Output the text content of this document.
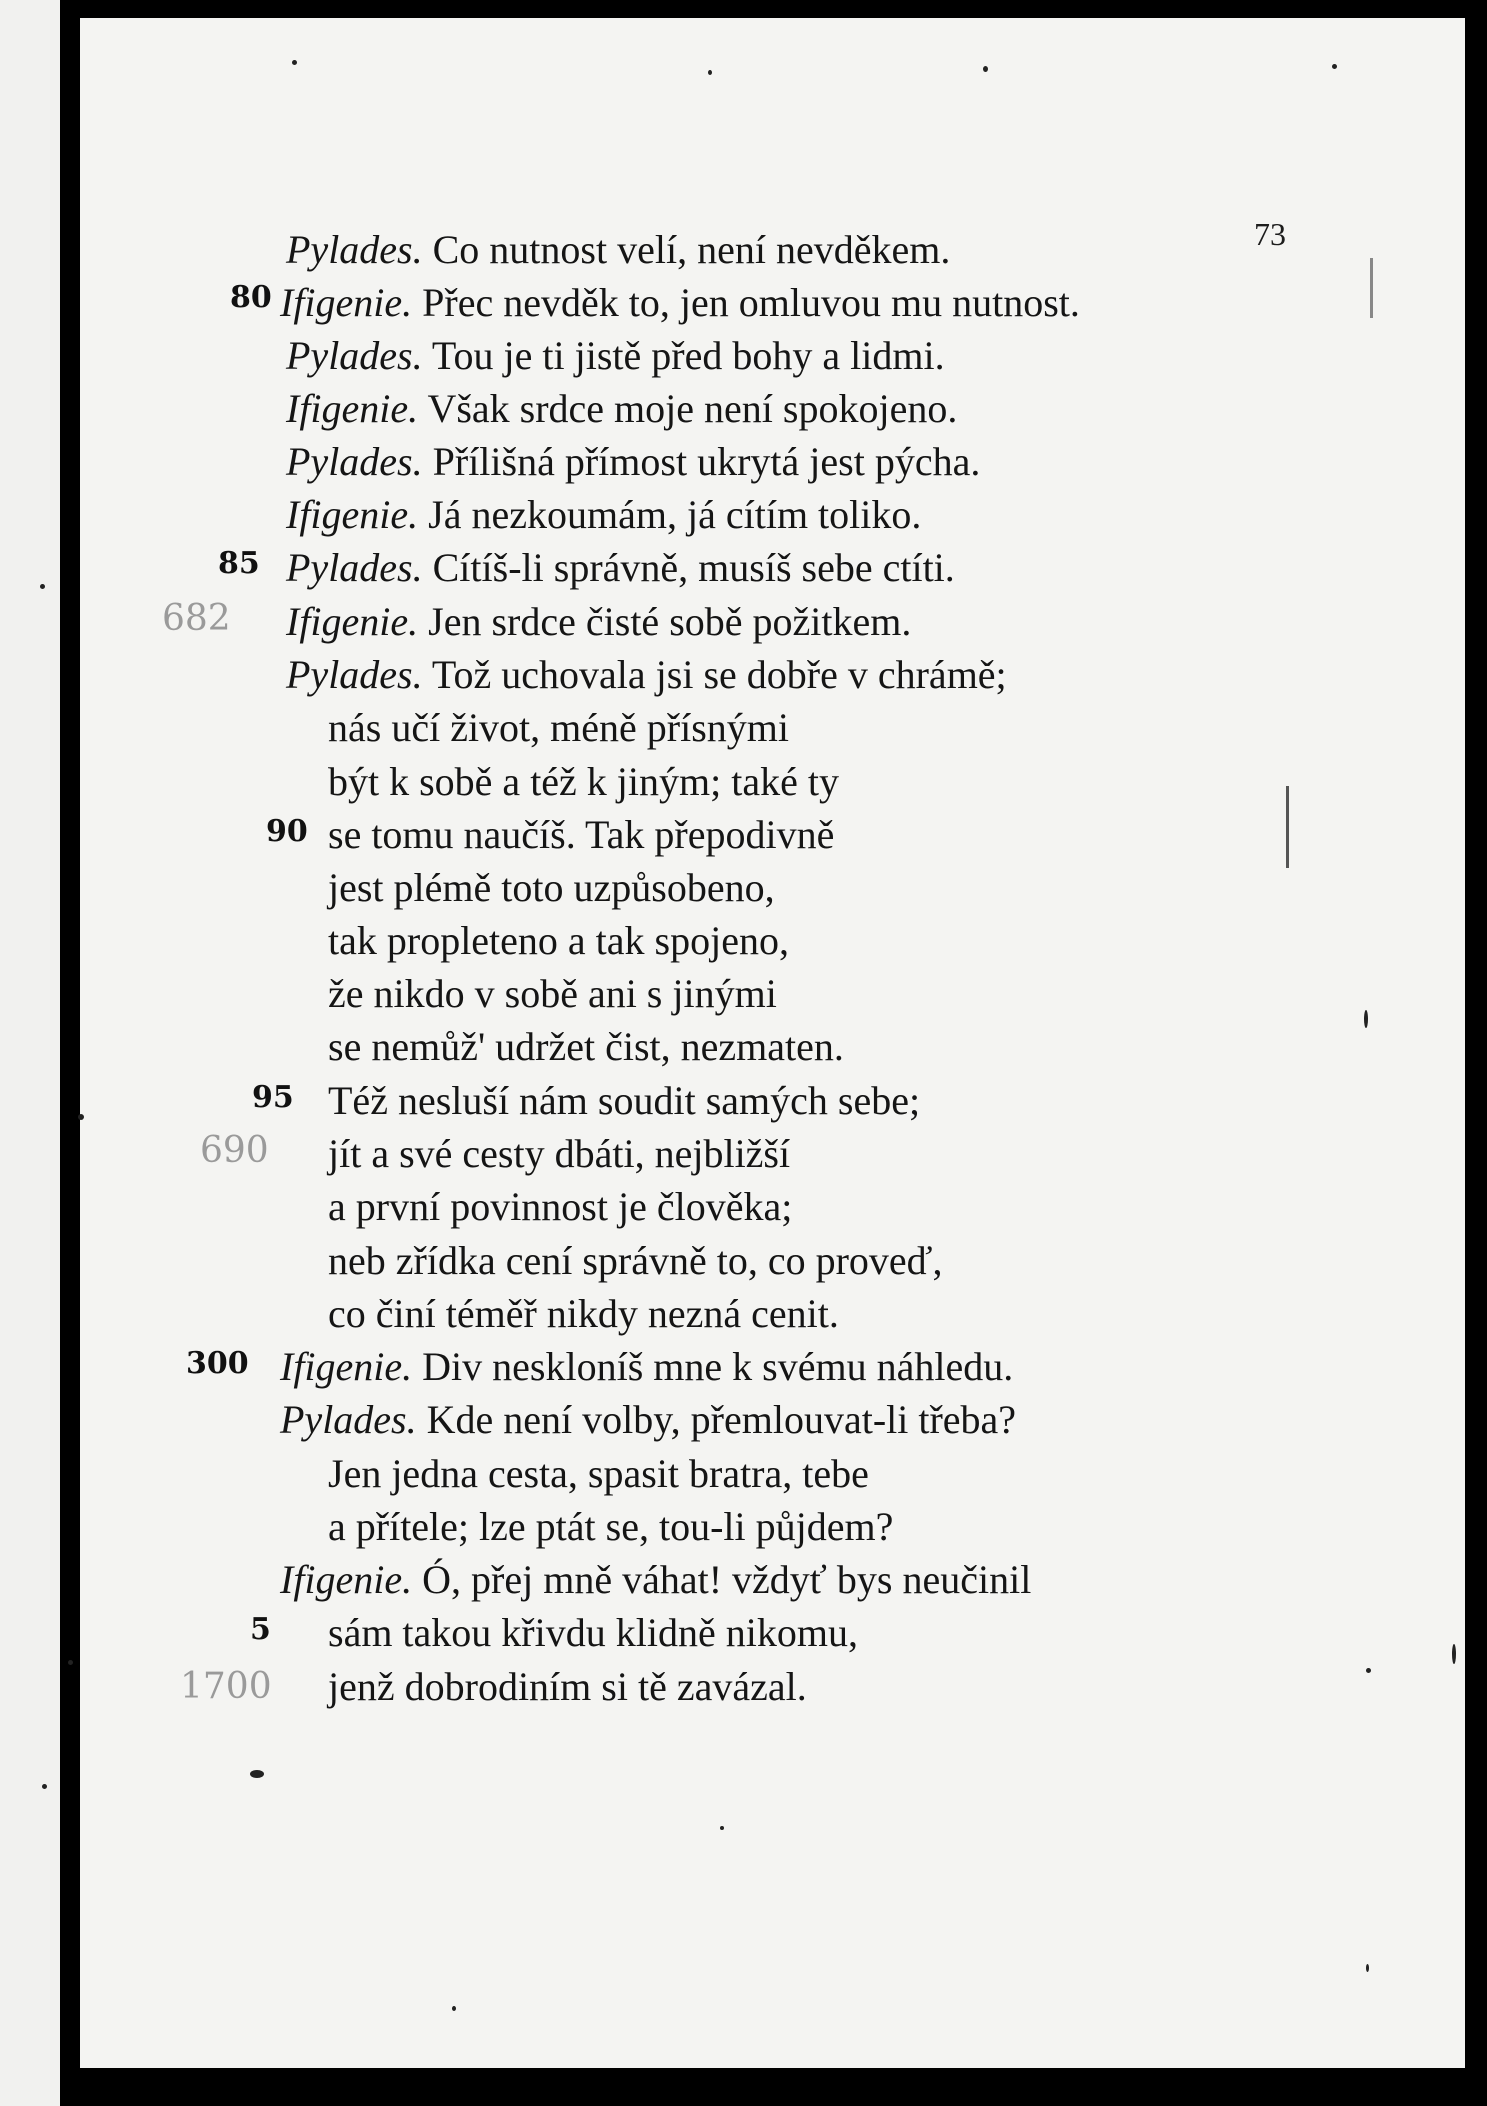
73
Pylades. Co nutnost velí, není nevděkem.
Ifigenie. Přec nevděk to, jen omluvou mu nutnost.
Pylades. Tou je ti jistě před bohy a lidmi.
Ifigenie. Však srdce moje není spokojeno.
Pylades. Přílišná přímost ukrytá jest pýcha.
Ifigenie. Já nezkoumám, já cítím toliko.
Pylades. Cítíš-li správně, musíš sebe ctíti.
Ifigenie. Jen srdce čisté sobě požitkem.
Pylades. Tož uchovala jsi se dobře v chrámě;
nás učí život, méně přísnými
být k sobě a též k jiným; také ty
se tomu naučíš. Tak přepodivně
jest plémě toto uzpůsobeno,
tak propleteno a tak spojeno,
že nikdo v sobě ani s jinými
se nemůž' udržet čist, nezmaten.
Též nesluší nám soudit samých sebe;
jít a své cesty dbáti, nejbližší
a první povinnost je člověka;
neb zřídka cení správně to, co proveď,
co činí téměř nikdy nezná cenit.
Ifigenie. Div neskloníš mne k svému náhledu.
Pylades. Kde není volby, přemlouvat-li třeba?
Jen jedna cesta, spasit bratra, tebe
a přítele; lze ptát se, tou-li půjdem?
Ifigenie. Ó, přej mně váhat! vždyť bys neučinil
sám takou křivdu klidně nikomu,
jenž dobrodiním si tě zavázal.
80
85
90
95
300
5
682
690
1700
